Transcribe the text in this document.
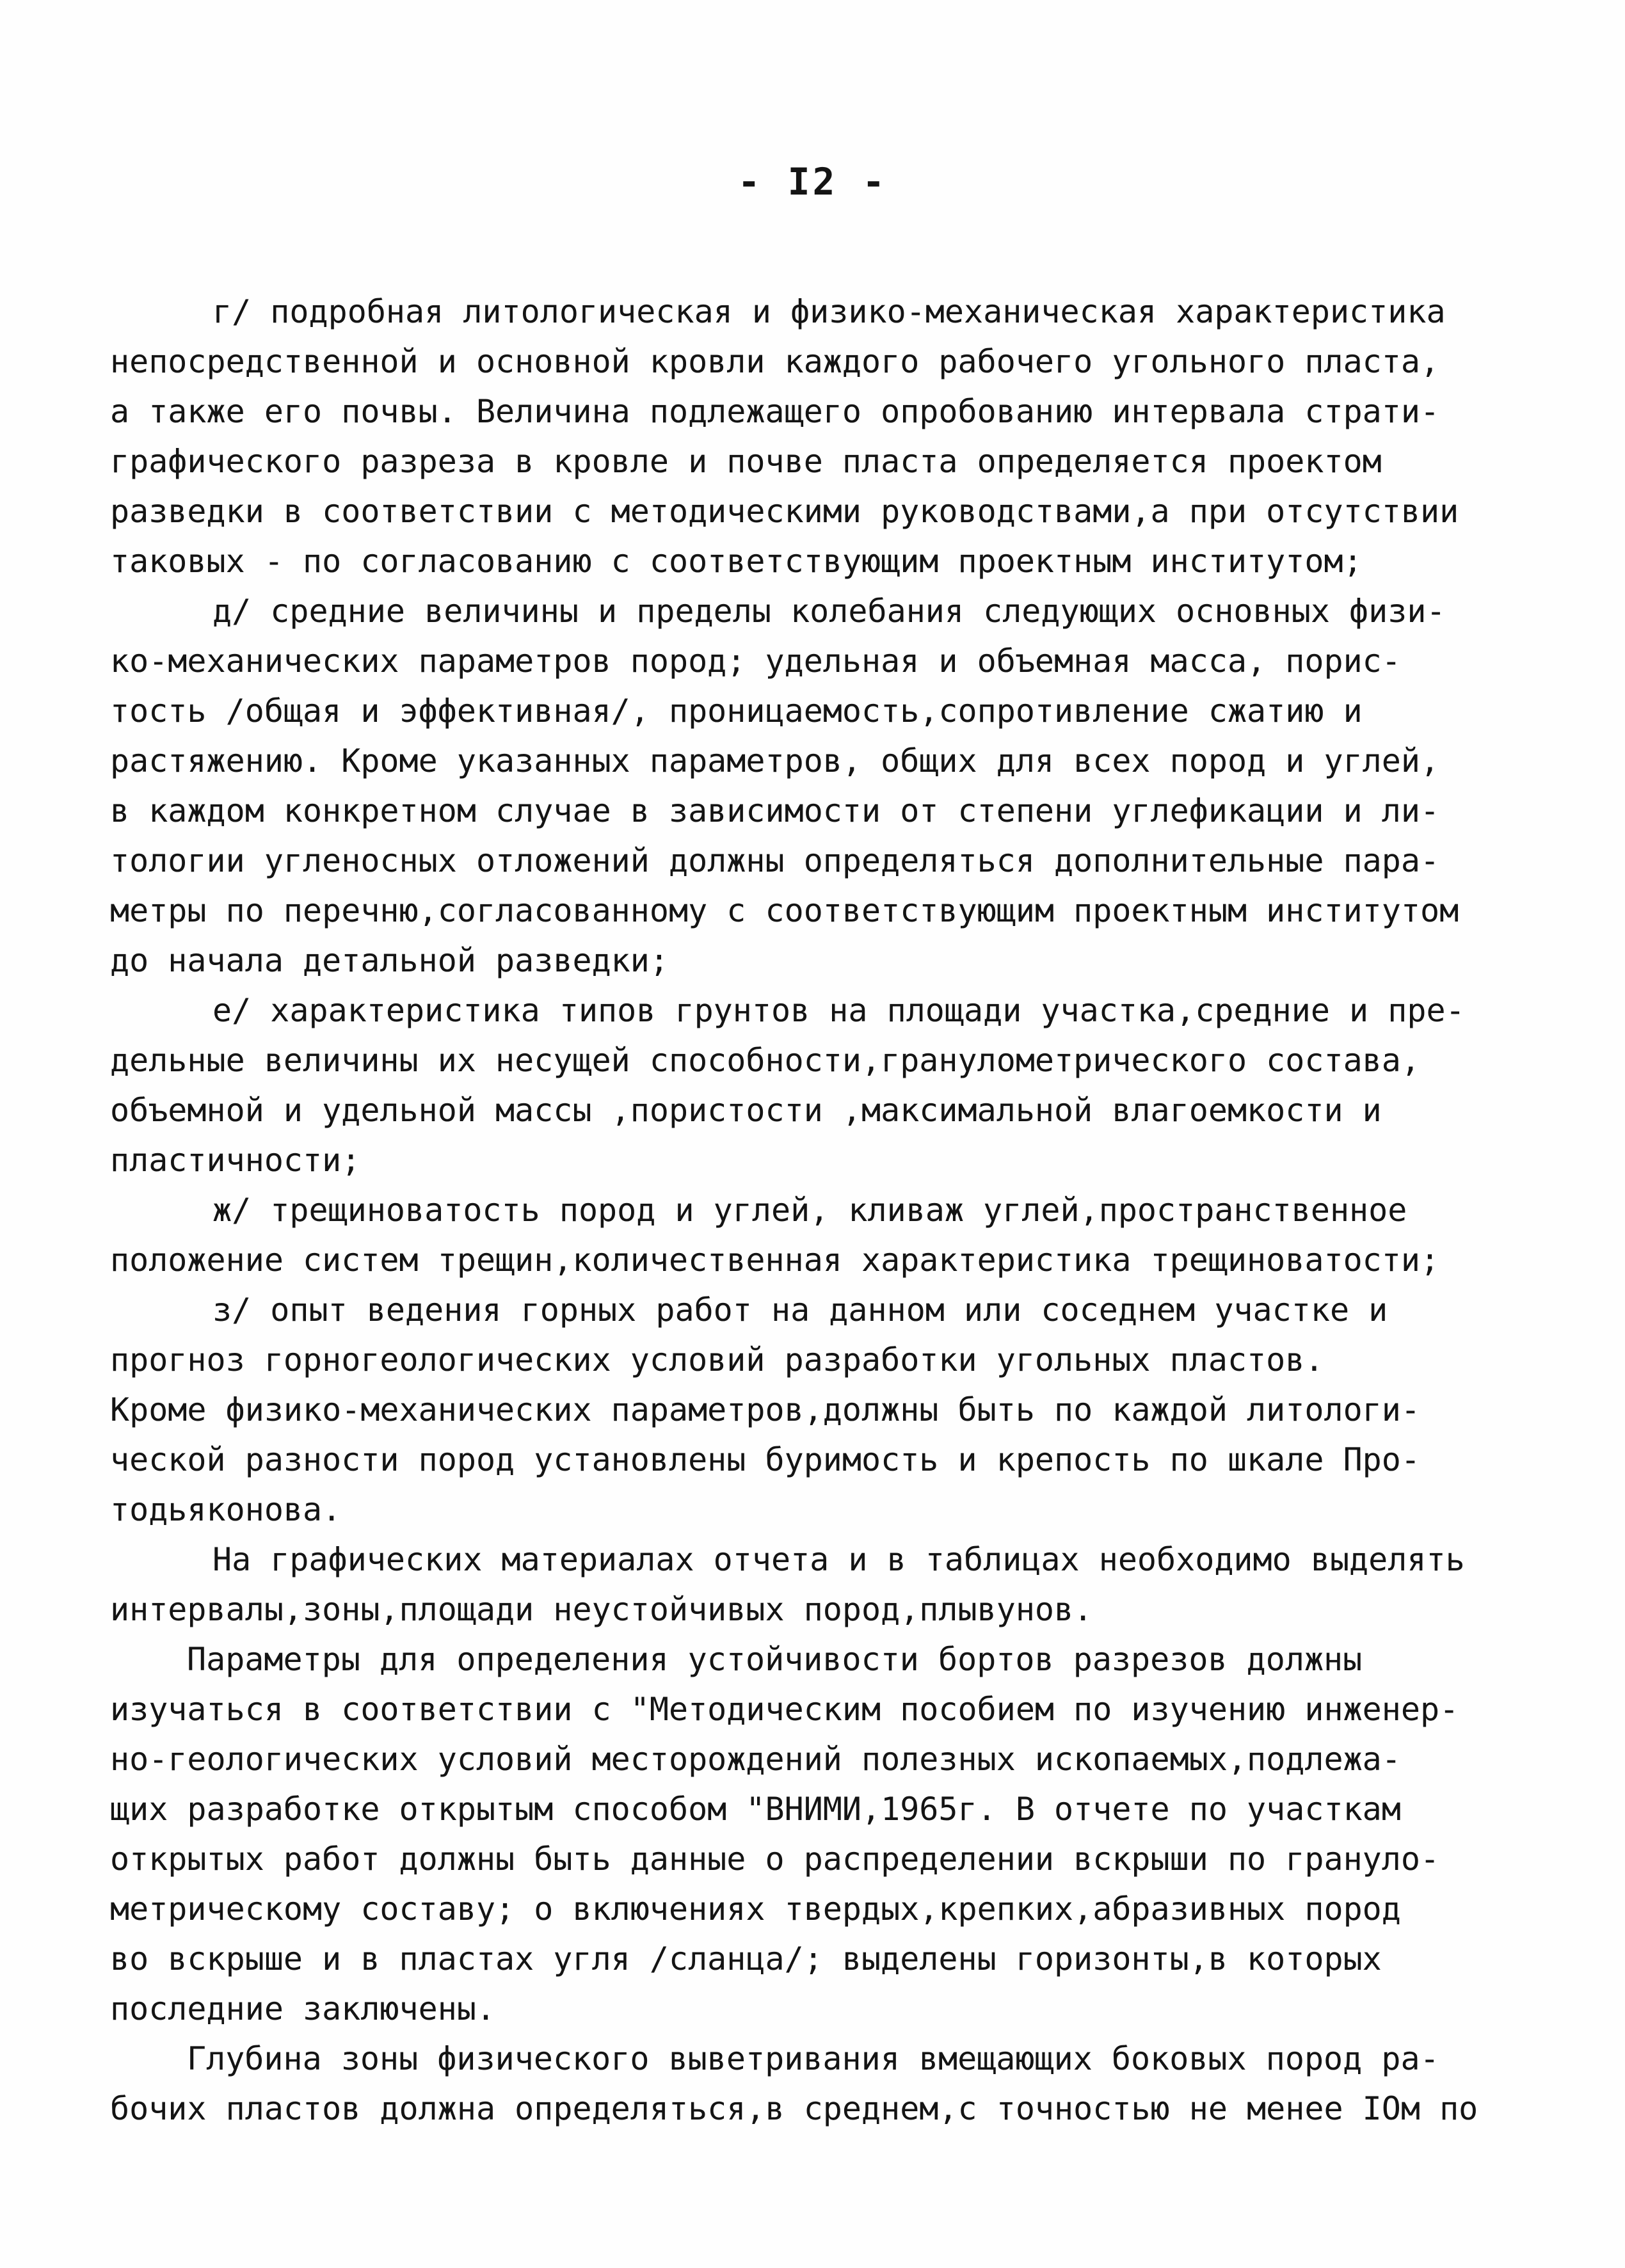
- I2 -
г/ подробная литологическая и физико-механическая характеристика
непосредственной и основной кровли каждого рабочего угольного пласта,
а также его почвы. Величина подлежащего опробованию интервала страти-
графического разреза в кровле и почве пласта определяется проектом
разведки в соответствии с методическими руководствами,а при отсутствии
таковых - по согласованию с соответствующим проектным институтом;
д/ средние величины и пределы колебания следующих основных физи-
ко-механических параметров пород; удельная и объемная масса, порис-
тость /общая и эффективная/, проницаемость,сопротивление сжатию и
растяжению. Кроме указанных параметров, общих для всех пород и углей,
в каждом конкретном случае в зависимости от степени углефикации и ли-
тологии угленосных отложений должны определяться дополнительные пара-
метры по перечню,согласованному с соответствующим проектным институтом
до начала детальной разведки;
е/ характеристика типов грунтов на площади участка,средние и пре-
дельные величины их несущей способности,гранулометрического состава,
объемной и удельной массы ,пористости ,максимальной влагоемкости и
пластичности;
ж/ трещиноватость пород и углей, кливаж углей,пространственное
положение систем трещин,количественная характеристика трещиноватости;
з/ опыт ведения горных работ на данном или соседнем участке и
прогноз горногеологических условий разработки угольных пластов.
Кроме физико-механических параметров,должны быть по каждой литологи-
ческой разности пород установлены буримость и крепость по шкале Про-
тодьяконова.
На графических материалах отчета и в таблицах необходимо выделять
интервалы,зоны,площади неустойчивых пород,плывунов.
Параметры для определения устойчивости бортов разрезов должны
изучаться в соответствии с "Методическим пособием по изучению инженер-
но-геологических условий месторождений полезных ископаемых,подлежа-
щих разработке открытым способом "ВНИМИ,1965г. В отчете по участкам
открытых работ должны быть данные о распределении вскрыши по грануло-
метрическому составу; о включениях твердых,крепких,абразивных пород
во вскрыше и в пластах угля /сланца/; выделены горизонты,в которых
последние заключены.
Глубина зоны физического выветривания вмещающих боковых пород ра-
бочих пластов должна определяться,в среднем,с точностью не менее IOм по
